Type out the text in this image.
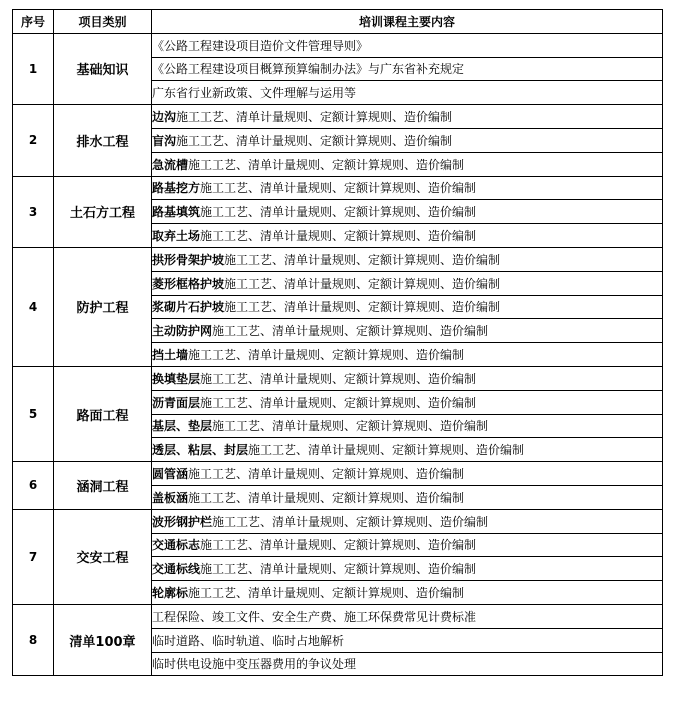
序号	项目类别	培训课程主要内容
1	基础知识	《公路工程建设项目造价文件管理导则》
		《公路工程建设项目概算预算编制办法》与广东省补充规定
		广东省行业新政策、文件理解与运用等
2	排水工程	边沟施工工艺、清单计量规则、定额计算规则、造价编制
		盲沟施工工艺、清单计量规则、定额计算规则、造价编制
		急流槽施工工艺、清单计量规则、定额计算规则、造价编制
3	土石方工程	路基挖方施工工艺、清单计量规则、定额计算规则、造价编制
		路基填筑施工工艺、清单计量规则、定额计算规则、造价编制
		取弃土场施工工艺、清单计量规则、定额计算规则、造价编制
4	防护工程	拱形骨架护坡施工工艺、清单计量规则、定额计算规则、造价编制
		菱形框格护坡施工工艺、清单计量规则、定额计算规则、造价编制
		浆砌片石护坡施工工艺、清单计量规则、定额计算规则、造价编制
		主动防护网施工工艺、清单计量规则、定额计算规则、造价编制
		挡土墙施工工艺、清单计量规则、定额计算规则、造价编制
5	路面工程	换填垫层施工工艺、清单计量规则、定额计算规则、造价编制
		沥青面层施工工艺、清单计量规则、定额计算规则、造价编制
		基层、垫层施工工艺、清单计量规则、定额计算规则、造价编制
		透层、粘层、封层施工工艺、清单计量规则、定额计算规则、造价编制
6	涵洞工程	圆管涵施工工艺、清单计量规则、定额计算规则、造价编制
		盖板涵施工工艺、清单计量规则、定额计算规则、造价编制
7	交安工程	波形钢护栏施工工艺、清单计量规则、定额计算规则、造价编制
		交通标志施工工艺、清单计量规则、定额计算规则、造价编制
		交通标线施工工艺、清单计量规则、定额计算规则、造价编制
		轮廓标施工工艺、清单计量规则、定额计算规则、造价编制
8	清单100章	工程保险、竣工文件、安全生产费、施工环保费常见计费标准
		临时道路、临时轨道、临时占地解析
		临时供电设施中变压器费用的争议处理
